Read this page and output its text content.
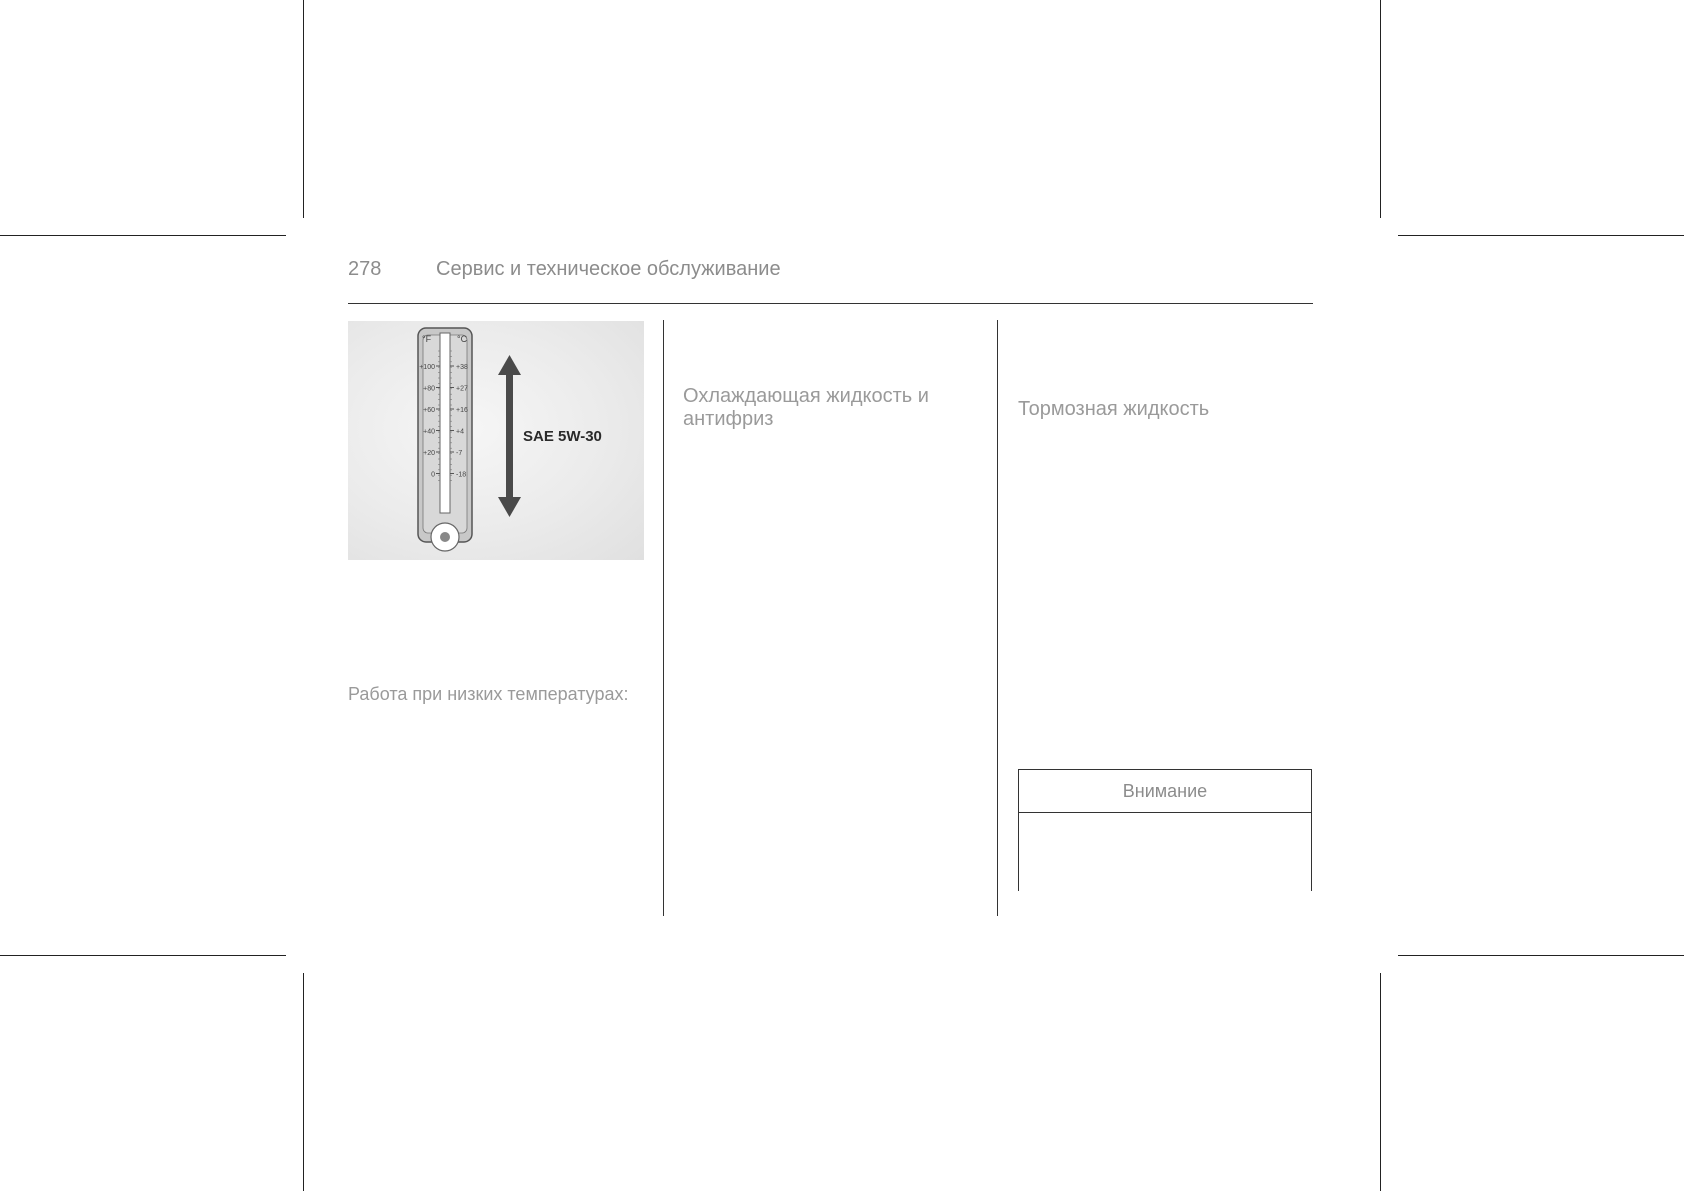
278	Сервис и техническое обслуживание
°F	°C
+100	+38
+80	+27
+60	+16
+40	+4
+20	-7
0	-18
SAE 5W-30
Работа при низких температурах:
Охлаждающая жидкость и
антифриз	Тормозная жидкость
Внимание
